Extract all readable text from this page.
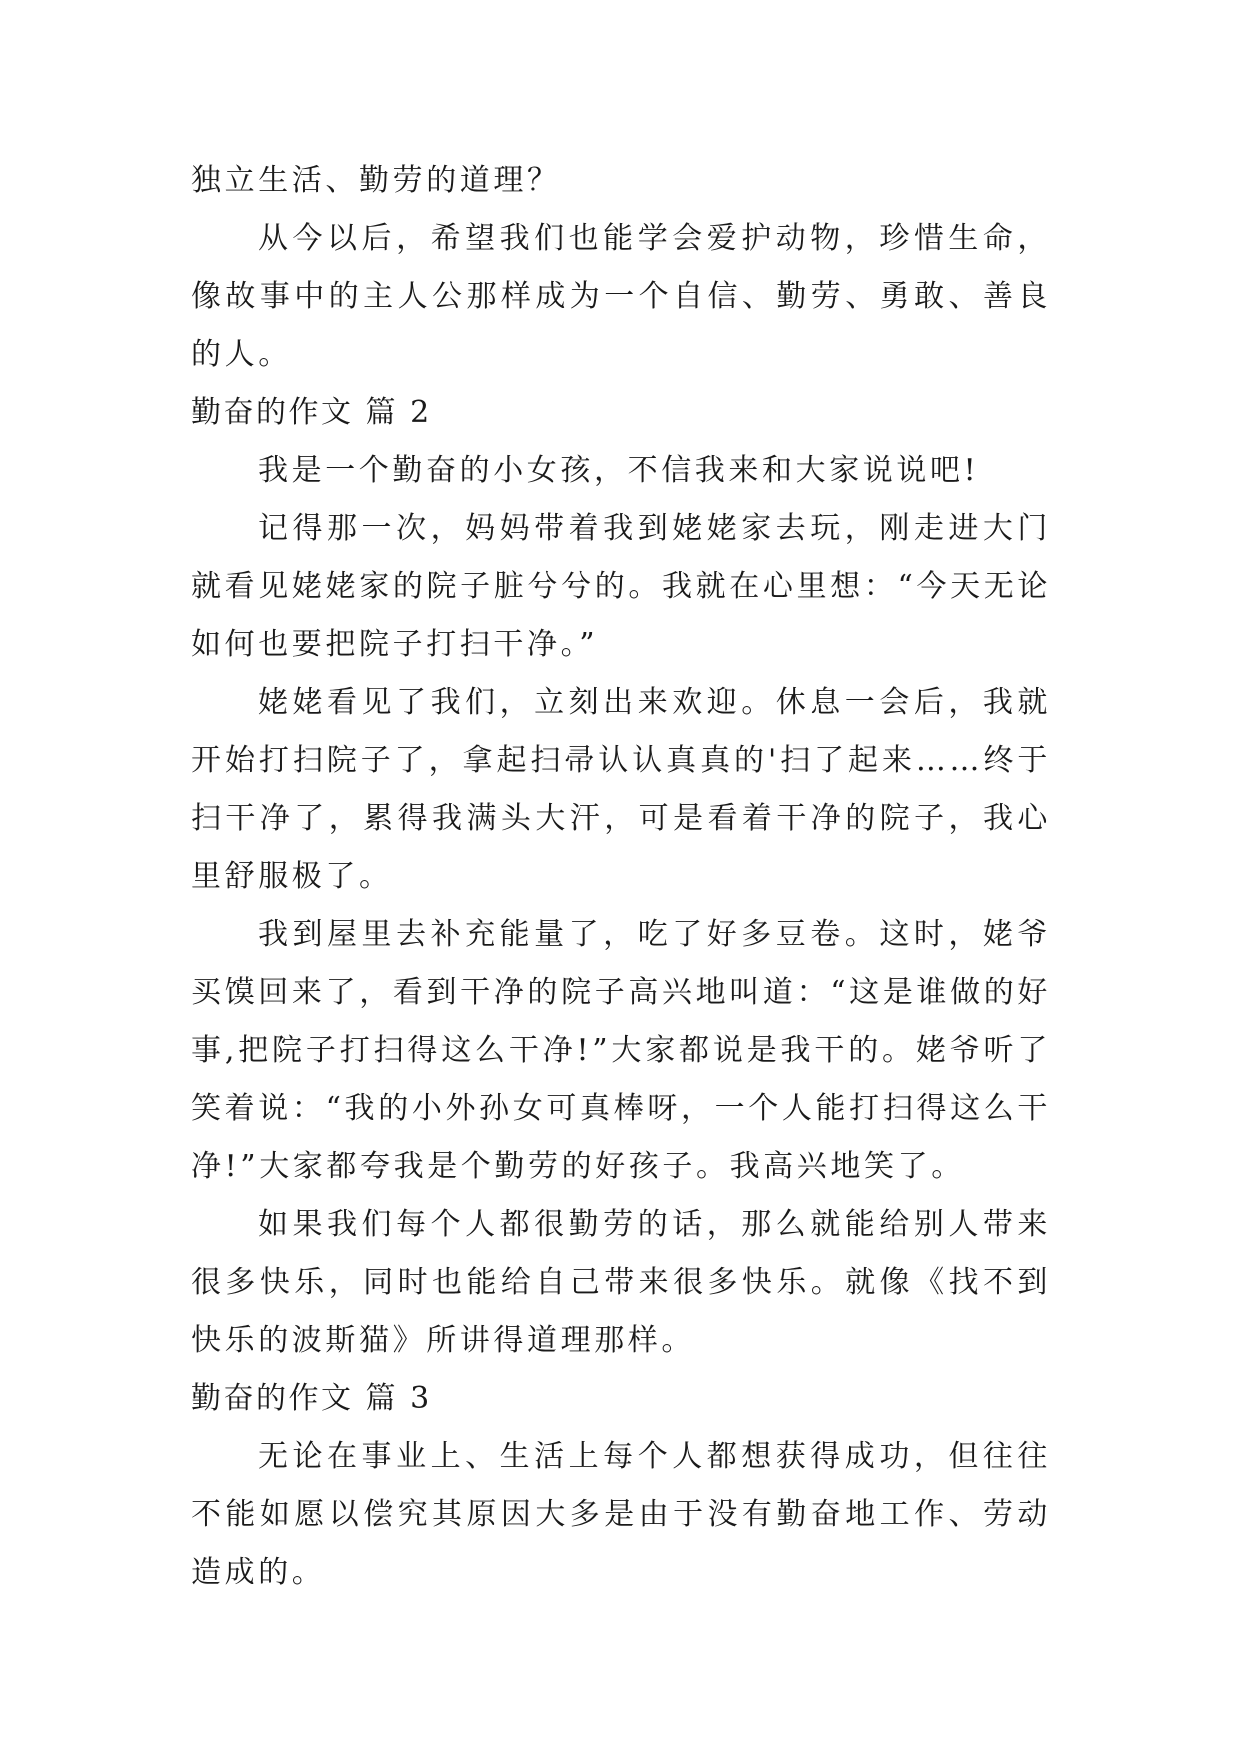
独立生活、勤劳的道理？

从今以后，希望我们也能学会爱护动物，珍惜生命，像故事中的主人公那样成为一个自信、勤劳、勇敢、善良的人。

勤奋的作文 篇 2

我是一个勤奋的小女孩，不信我来和大家说说吧!

记得那一次，妈妈带着我到姥姥家去玩，刚走进大门就看见姥姥家的院子脏兮兮的。我就在心里想：“今天无论如何也要把院子打扫干净。”

姥姥看见了我们，立刻出来欢迎。休息一会后，我就开始打扫院子了，拿起扫帚认认真真的'扫了起来……终于扫干净了，累得我满头大汗，可是看着干净的院子，我心里舒服极了。

我到屋里去补充能量了，吃了好多豆卷。这时，姥爷买馍回来了，看到干净的院子高兴地叫道：“这是谁做的好事,把院子打扫得这么干净!”大家都说是我干的。姥爷听了笑着说：“我的小外孙女可真棒呀，一个人能打扫得这么干净!”大家都夸我是个勤劳的好孩子。我高兴地笑了。

如果我们每个人都很勤劳的话，那么就能给别人带来很多快乐，同时也能给自己带来很多快乐。就像《找不到快乐的波斯猫》所讲得道理那样。

勤奋的作文 篇 3

无论在事业上、生活上每个人都想获得成功，但往往不能如愿以偿究其原因大多是由于没有勤奋地工作、劳动造成的。
